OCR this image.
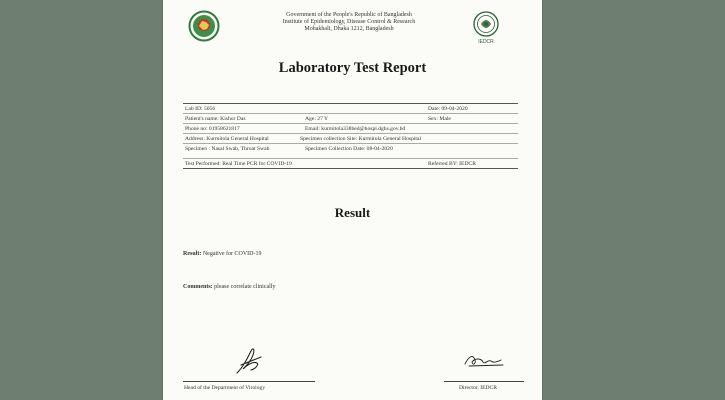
Government of the People's Republic of Bangladesh
Institute of Epidemiology, Disease Control & Research
Mohakhali, Dhaka 1212, Bangladesh
IEDCR
Laboratory Test Report
Lab ID: 5056	Date: 09-04-2020
Patient's name: Kishor Das	Age: 27 Y	Sex: Male
Phone no: 01958621817	Email: kurmitola338bed@hospi.dghs.gov.bd
Address: Kurmitola General Hospital	Specimen collection Site: Kurmitola General Hospital
Specimen : Nasal Swab, Throat Swab	Specimen Collection Date: 08-04-2020
Test Performed: Real Time PCR for COVID-19	Referred BY: IEDCR
Result
Result: Negative for COVID-19
Comments: please correlate clinically
Head of the Department of Virology	Director, IEDCR
